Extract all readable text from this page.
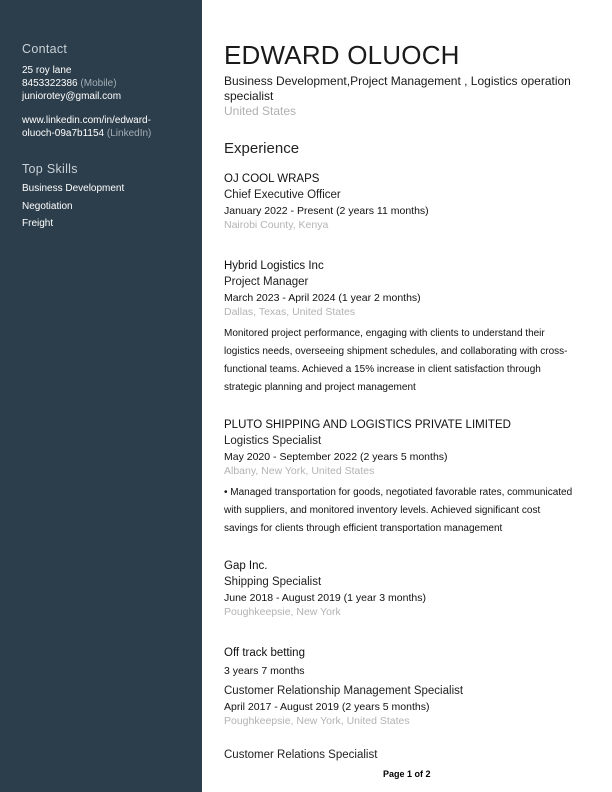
Contact
25 roy lane
8453322386 (Mobile)
juniorotey@gmail.com
www.linkedin.com/in/edward-
oluoch-09a7b1154 (LinkedIn)
Top Skills
Business Development
Negotiation
Freight
EDWARD OLUOCH
Business Development,Project Management , Logistics operation
specialist
United States
Experience
OJ COOL WRAPS
Chief Executive Officer
January 2022 - Present (2 years 11 months)
Nairobi County, Kenya
Hybrid Logistics Inc
Project Manager
March 2023 - April 2024 (1 year 2 months)
Dallas, Texas, United States
Monitored project performance, engaging with clients to understand their
logistics needs, overseeing shipment schedules, and collaborating with cross-
functional teams. Achieved a 15% increase in client satisfaction through
strategic planning and project management
PLUTO SHIPPING AND LOGISTICS PRIVATE LIMITED
Logistics Specialist
May 2020 - September 2022 (2 years 5 months)
Albany, New York, United States
• Managed transportation for goods, negotiated favorable rates, communicated
with suppliers, and monitored inventory levels. Achieved significant cost
savings for clients through efficient transportation management
Gap Inc.
Shipping Specialist
June 2018 - August 2019 (1 year 3 months)
Poughkeepsie, New York
Off track betting
3 years 7 months
Customer Relationship Management Specialist
April 2017 - August 2019 (2 years 5 months)
Poughkeepsie, New York, United States
Customer Relations Specialist
Page 1 of 2
